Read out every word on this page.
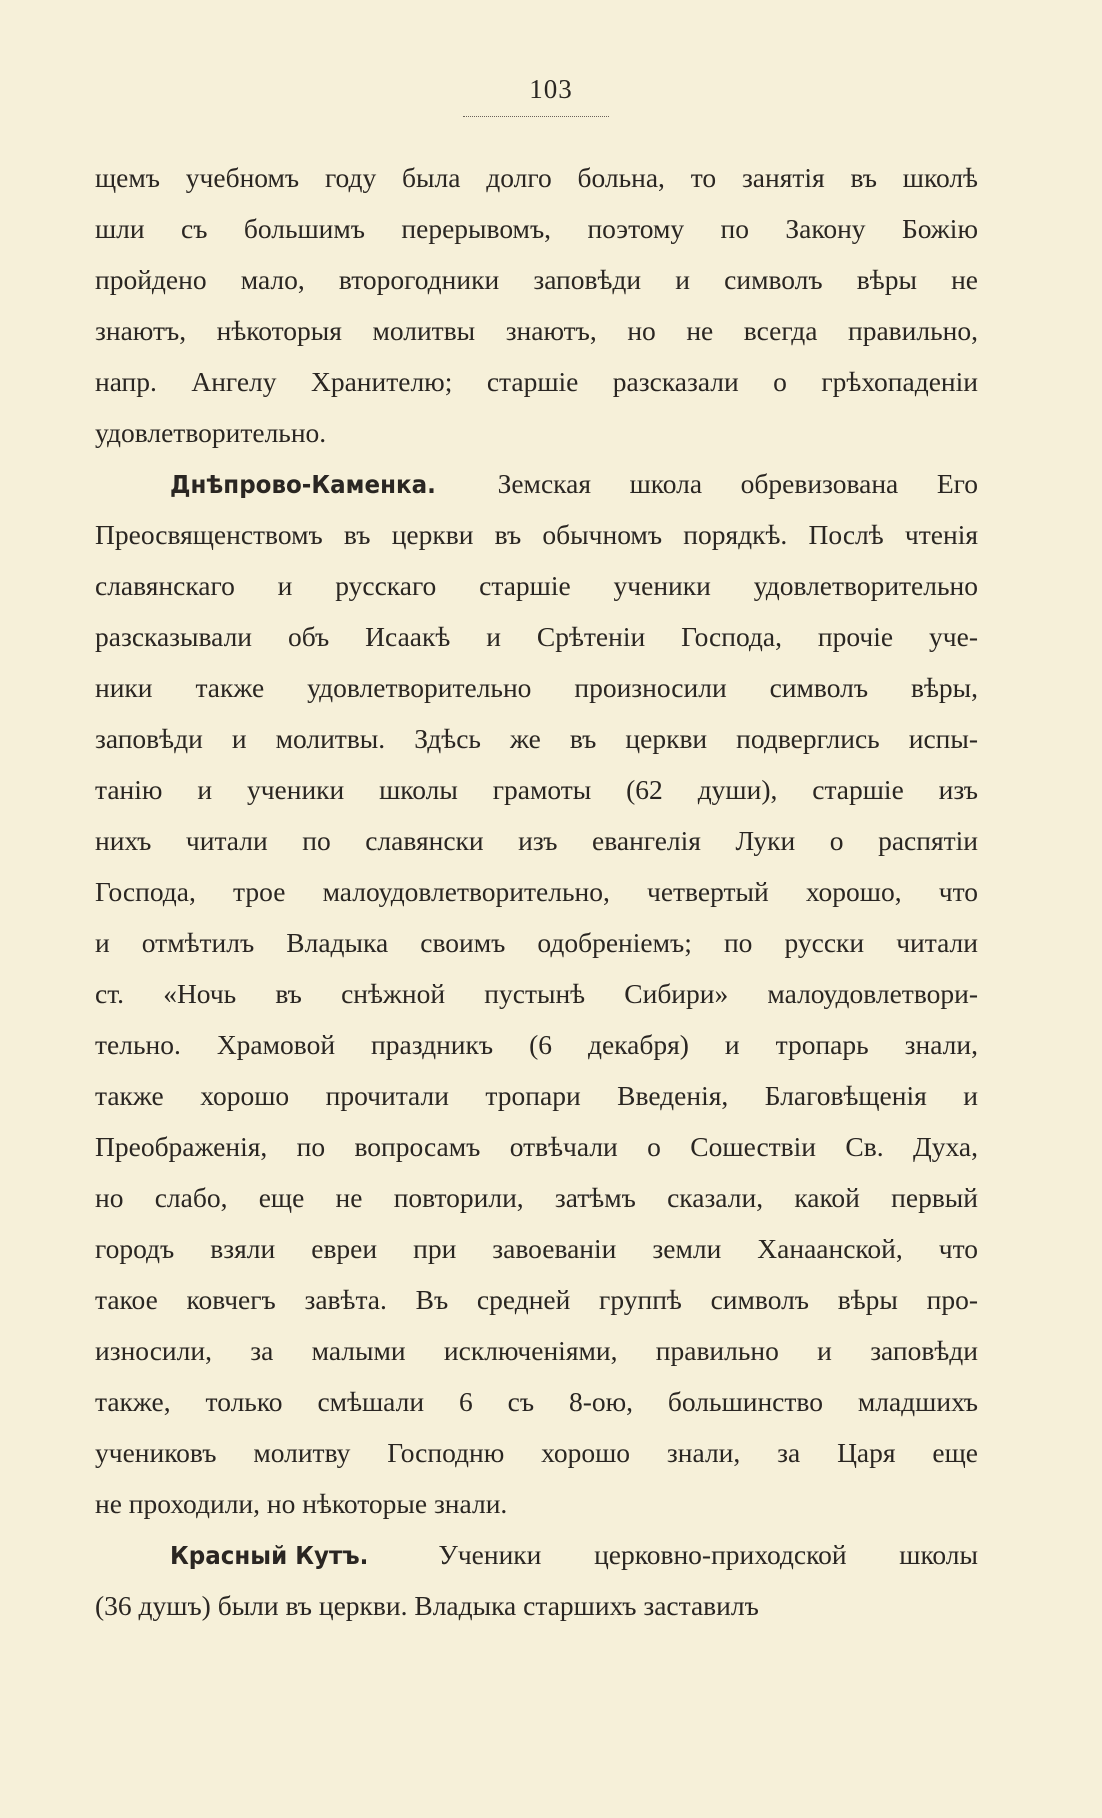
103
щемъ учебномъ году была долго больна, то занятія въ школѣ
шли съ большимъ перерывомъ, поэтому по Закону Божію
пройдено мало, второгодники заповѣди и символъ вѣры не
знаютъ, нѣкоторыя молитвы знаютъ, но не всегда правильно,
напр. Ангелу Хранителю; старшіе разсказали о грѣхопаденіи
удовлетворительно.
Днѣпрово-Каменка. Земская школа обревизована Его
Преосвященствомъ въ церкви въ обычномъ порядкѣ. Послѣ чтенія
славянскаго и русскаго старшіе ученики удовлетворительно
разсказывали объ Исаакѣ и Срѣтеніи Господа, прочіе уче-
ники также удовлетворительно произносили символъ вѣры,
заповѣди и молитвы. Здѣсь же въ церкви подверглись испы-
танію и ученики школы грамоты (62 души), старшіе изъ
нихъ читали по славянски изъ евангелія Луки о распятіи
Господа, трое малоудовлетворительно, четвертый хорошо, что
и отмѣтилъ Владыка своимъ одобреніемъ; по русски читали
ст. «Ночь въ снѣжной пустынѣ Сибири» малоудовлетвори-
тельно. Храмовой праздникъ (6 декабря) и тропарь знали,
также хорошо прочитали тропари Введенія, Благовѣщенія и
Преображенія, по вопросамъ отвѣчали о Сошествіи Св. Духа,
но слабо, еще не повторили, затѣмъ сказали, какой первый
городъ взяли евреи при завоеваніи земли Ханаанской, что
такое ковчегъ завѣта. Въ средней группѣ символъ вѣры про-
износили, за малыми исключеніями, правильно и заповѣди
также, только смѣшали 6 съ 8-ою, большинство младшихъ
учениковъ молитву Господню хорошо знали, за Царя еще
не проходили, но нѣкоторые знали.
Красный Кутъ.	Ученики церковно-приходской школы
(36 душъ) были въ церкви. Владыка старшихъ заставилъ
